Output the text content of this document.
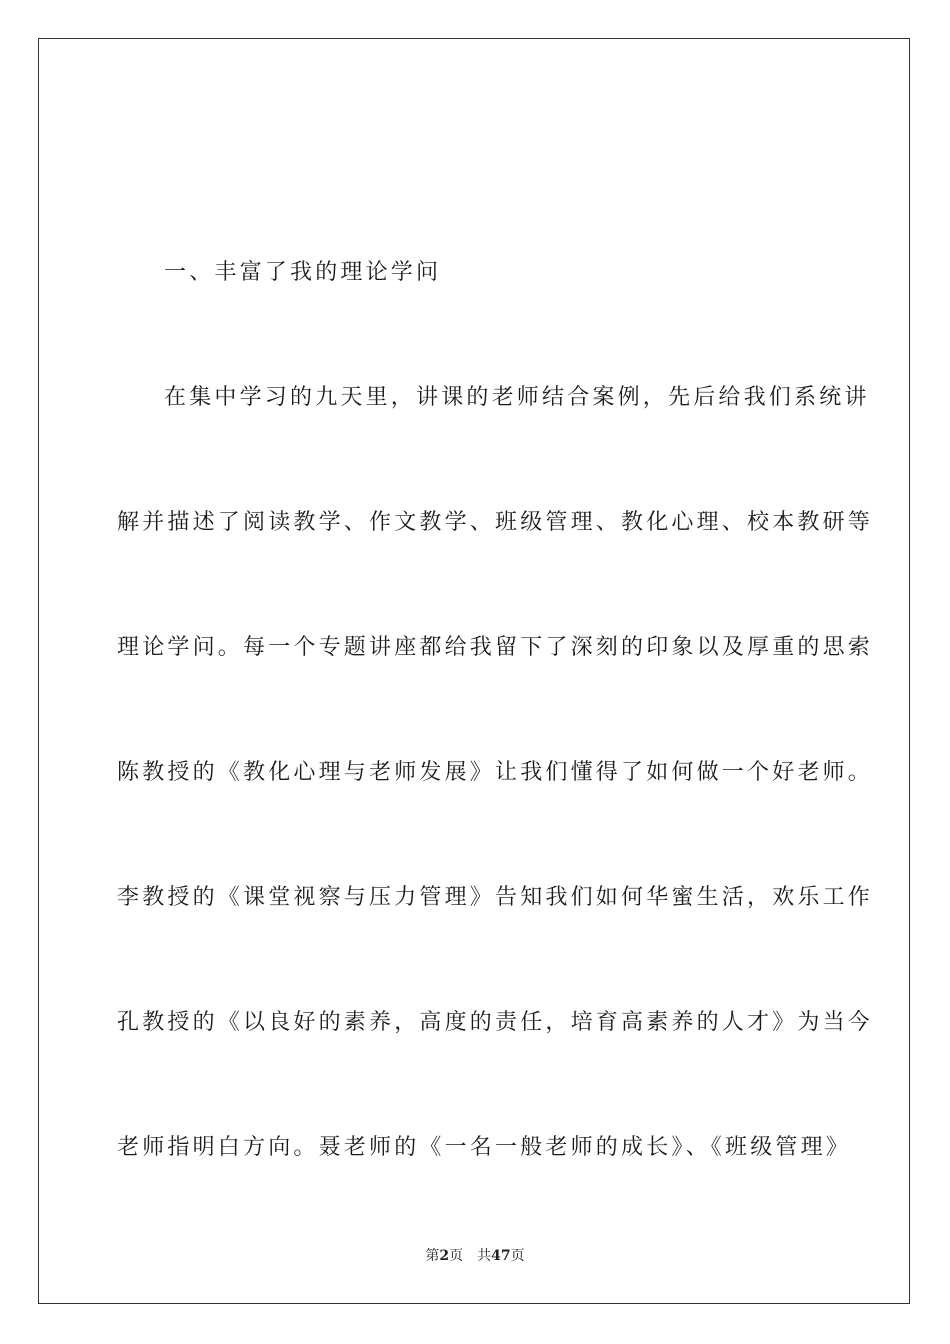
一、丰富了我的理论学问
在集中学习的九天里，讲课的老师结合案例，先后给我们系统讲
解并描述了阅读教学、作文教学、班级管理、教化心理、校本教研等
理论学问。每一个专题讲座都给我留下了深刻的印象以及厚重的思索
陈教授的《教化心理与老师发展》让我们懂得了如何做一个好老师。
李教授的《课堂视察与压力管理》告知我们如何华蜜生活，欢乐工作
孔教授的《以良好的素养，高度的责任，培育高素养的人才》为当今
老师指明白方向。聂老师的《一名一般老师的成长》、《班级管理》
第2页 共47页
